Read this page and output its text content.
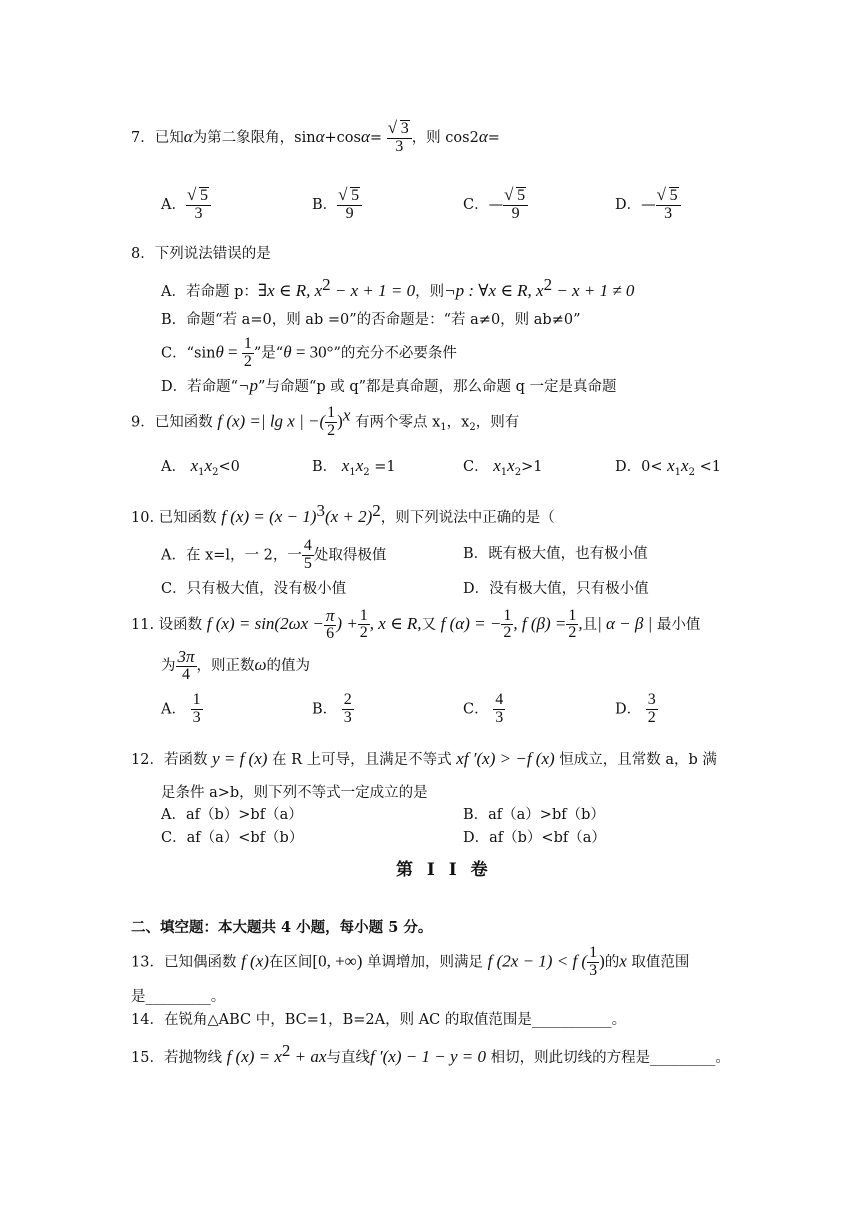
7．已知α为第二象限角，sinα+cosα= √ $\frac{3}{3}$ ，则 cos2α=
A． √ $\frac{5}{3}$	B． √ $\frac{5}{9}$	C．— √ $\frac{5}{9}$	D．— √ $\frac{5}{3}$
8．下列说法错误的是
A．若命题 p：∃x ∈ R, $x^2 - x + 1 = 0$，则¬p : ∀x ∈ R, $x^2 - x + 1 \ne 0$
B．命题“若 a=0，则 ab =0”的否命题是：“若 a≠0，则 ab≠0”
C．“$\sin\theta = \frac{1}{2}$ ”是“θ = 30°”的充分不必要条件
D．若命题“¬p”与命题“p 或 q”都是真命题，那么命题 q 一定是真命题
9．已知函数 f (x) =| lg x | −( $\frac{1}{2} )^x$ 有两个零点 $x_1$，$x_2$，则有
A． $x_1x_2<0$	B． $x_1x_2 =1$	C． $x_1x_2>1$	D．$0< x_1x_2 <1$
10. 已知函数 f $(x) = (x - 1)^3(x + 2)^2$，则下列说法中正确的是（
A．在 x=l，一 2，一 $\frac{4}{5}$ 处取得极值	B．既有极大值，也有极小值
C．只有极大值，没有极小值	D．没有极大值，只有极小值
11. 设函数 f $(x) = \sin(2\omega x - \frac{\pi}{6}$ ) + $\frac{1}{2}$ , x ∈ R,又 f (α) = − $\frac{1}{2}$ , f $(\beta) = \frac{1}{2}$ ,且| α − β | 最小值
为 $\frac{3\pi}{4}$ ，则正数ω的值为
A． $\frac{1}{3}$	B． $\frac{2}{3}$	C． $\frac{4}{3}$	D． $\frac{3}{2}$
12．若函数 y = f (x) 在 R 上可导，且满足不等式 xf ′(x) > −f (x) 恒成立，且常数 a，b 满
足条件 a>b，则下列不等式一定成立的是
A．af（b）>bf（a）	B．af（a）>bf（b）
C．af（a）<bf（b）	D．af（b）<bf（a）
第 I I 卷
二、填空题：本大题共 4 小题，每小题 5 分。
13．已知偶函数 f (x)在区间[0, +∞) 单调增加，则满足 f (2x − 1) < f ( $\frac{1}{3}$ )的x 取值范围
是_________。
14．在锐角△ABC 中，BC=1，B=2A，则 AC 的取值范围是___________。
15．若抛物线 f $(x) = x^2$ + ax与直线f ′(x) − 1 − y = 0 相切，则此切线的方程是_________。
